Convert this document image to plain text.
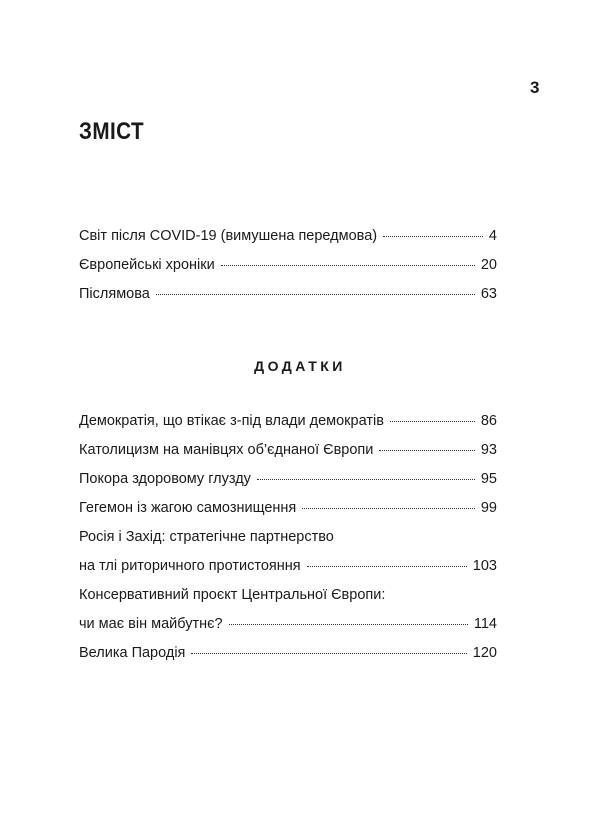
3
ЗМІСТ
Світ після COVID-19 (вимушена передмова)	4
Європейські хроніки	20
Післямова	63
ДОДАТКИ
Демократія, що втікає з-під влади демократів	86
Католицизм на манівцях об’єднаної Європи	93
Покора здоровому глузду	95
Гегемон із жагою самознищення	99
Росія і Захід: стратегічне партнерство
на тлі риторичного протистояння	103
Консервативний проєкт Центральної Європи:
чи має він майбутнє?	114
Велика Пародія	120
